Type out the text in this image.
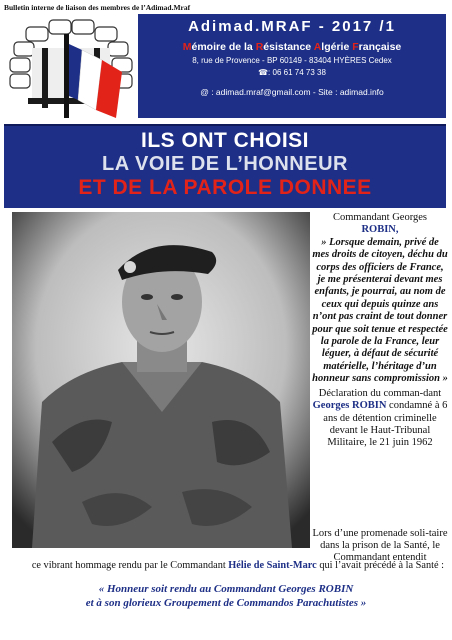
Bulletin interne de liaison des membres de l’Adimad.Mraf
Adimad.MRAF - 2017 /1
Mémoire de la Résistance Algérie Française
8, rue de Provence - BP 60149 - 83404 HYÈRES Cedex
☎: 06 61 74 73 38
@ : adimad.mraf@gmail.com - Site : adimad.info
ILS ONT CHOISI
LA VOIE DE L’HONNEUR
ET DE LA PAROLE DONNEE
Commandant Georges
ROBIN,
» Lorsque demain, privé de mes droits de citoyen, déchu du corps des officiers de France, je me présenterai devant mes enfants, je pourrai, au nom de ceux qui depuis quinze ans n’ont pas craint de tout donner pour que soit tenue et respectée la parole de la France, leur léguer, à défaut de sécurité matérielle, l’héritage d’un honneur sans compromission »
Déclaration du comman-dant Georges ROBIN condamné à 6 ans de détention criminelle devant le Haut-Tribunal Militaire, le 21 juin 1962
Lors d’une promenade soli-taire dans la prison de la Santé, le Commandant entendit
ce vibrant hommage rendu par le Commandant Hélie de Saint-Marc qui l’avait précédé à la Santé :
« Honneur soit rendu au Commandant Georges ROBIN
et à son glorieux Groupement de Commandos Parachutistes »
